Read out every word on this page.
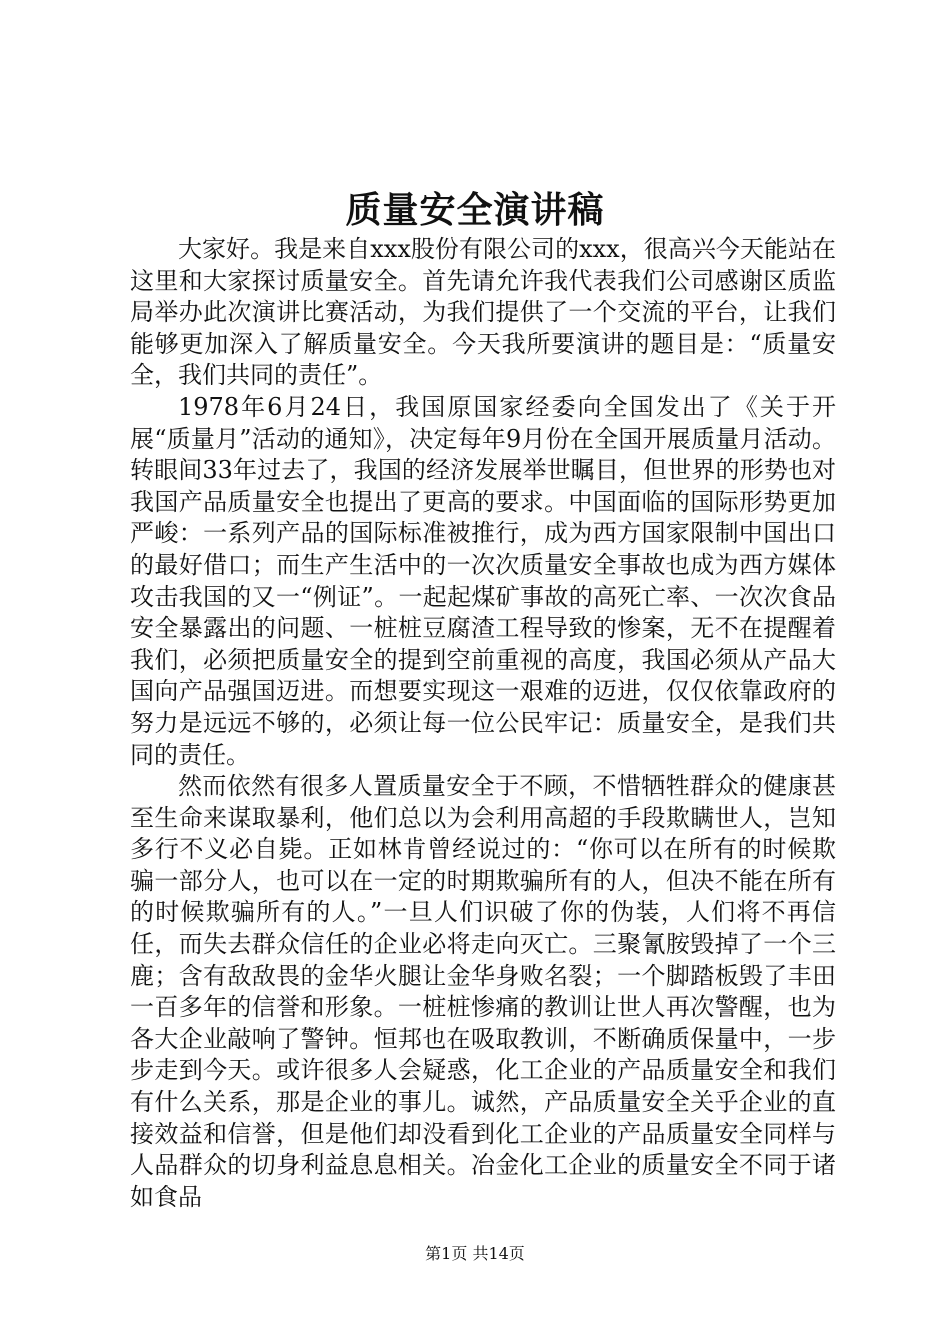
质量安全演讲稿

大家好。我是来自xxx股份有限公司的xxx，很高兴今天能站在这里和大家探讨质量安全。首先请允许我代表我们公司感谢区质监局举办此次演讲比赛活动，为我们提供了一个交流的平台，让我们能够更加深入了解质量安全。今天我所要演讲的题目是：“质量安全，我们共同的责任”。

1978年6月24日，我国原国家经委向全国发出了《关于开展“质量月”活动的通知》，决定每年9月份在全国开展质量月活动。转眼间33年过去了，我国的经济发展举世瞩目，但世界的形势也对我国产品质量安全也提出了更高的要求。中国面临的国际形势更加严峻：一系列产品的国际标准被推行，成为西方国家限制中国出口的最好借口；而生产生活中的一次次质量安全事故也成为西方媒体攻击我国的又一“例证”。一起起煤矿事故的高死亡率、一次次食品安全暴露出的问题、一桩桩豆腐渣工程导致的惨案，无不在提醒着我们，必须把质量安全的提到空前重视的高度，我国必须从产品大国向产品强国迈进。而想要实现这一艰难的迈进，仅仅依靠政府的努力是远远不够的，必须让每一位公民牢记：质量安全，是我们共同的责任。

然而依然有很多人置质量安全于不顾，不惜牺牲群众的健康甚至生命来谋取暴利，他们总以为会利用高超的手段欺瞒世人，岂知多行不义必自毙。正如林肯曾经说过的：“你可以在所有的时候欺骗一部分人，也可以在一定的时期欺骗所有的人，但决不能在所有的时候欺骗所有的人。”一旦人们识破了你的伪装，人们将不再信任，而失去群众信任的企业必将走向灭亡。三聚氰胺毁掉了一个三鹿；含有敌敌畏的金华火腿让金华身败名裂；一个脚踏板毁了丰田一百多年的信誉和形象。一桩桩惨痛的教训让世人再次警醒，也为各大企业敲响了警钟。恒邦也在吸取教训，不断确质保量中，一步步走到今天。或许很多人会疑惑，化工企业的产品质量安全和我们有什么关系，那是企业的事儿。诚然，产品质量安全关乎企业的直接效益和信誉，但是他们却没看到化工企业的产品质量安全同样与人品群众的切身利益息息相关。冶金化工企业的质量安全不同于诸如食品

第1页 共14页
